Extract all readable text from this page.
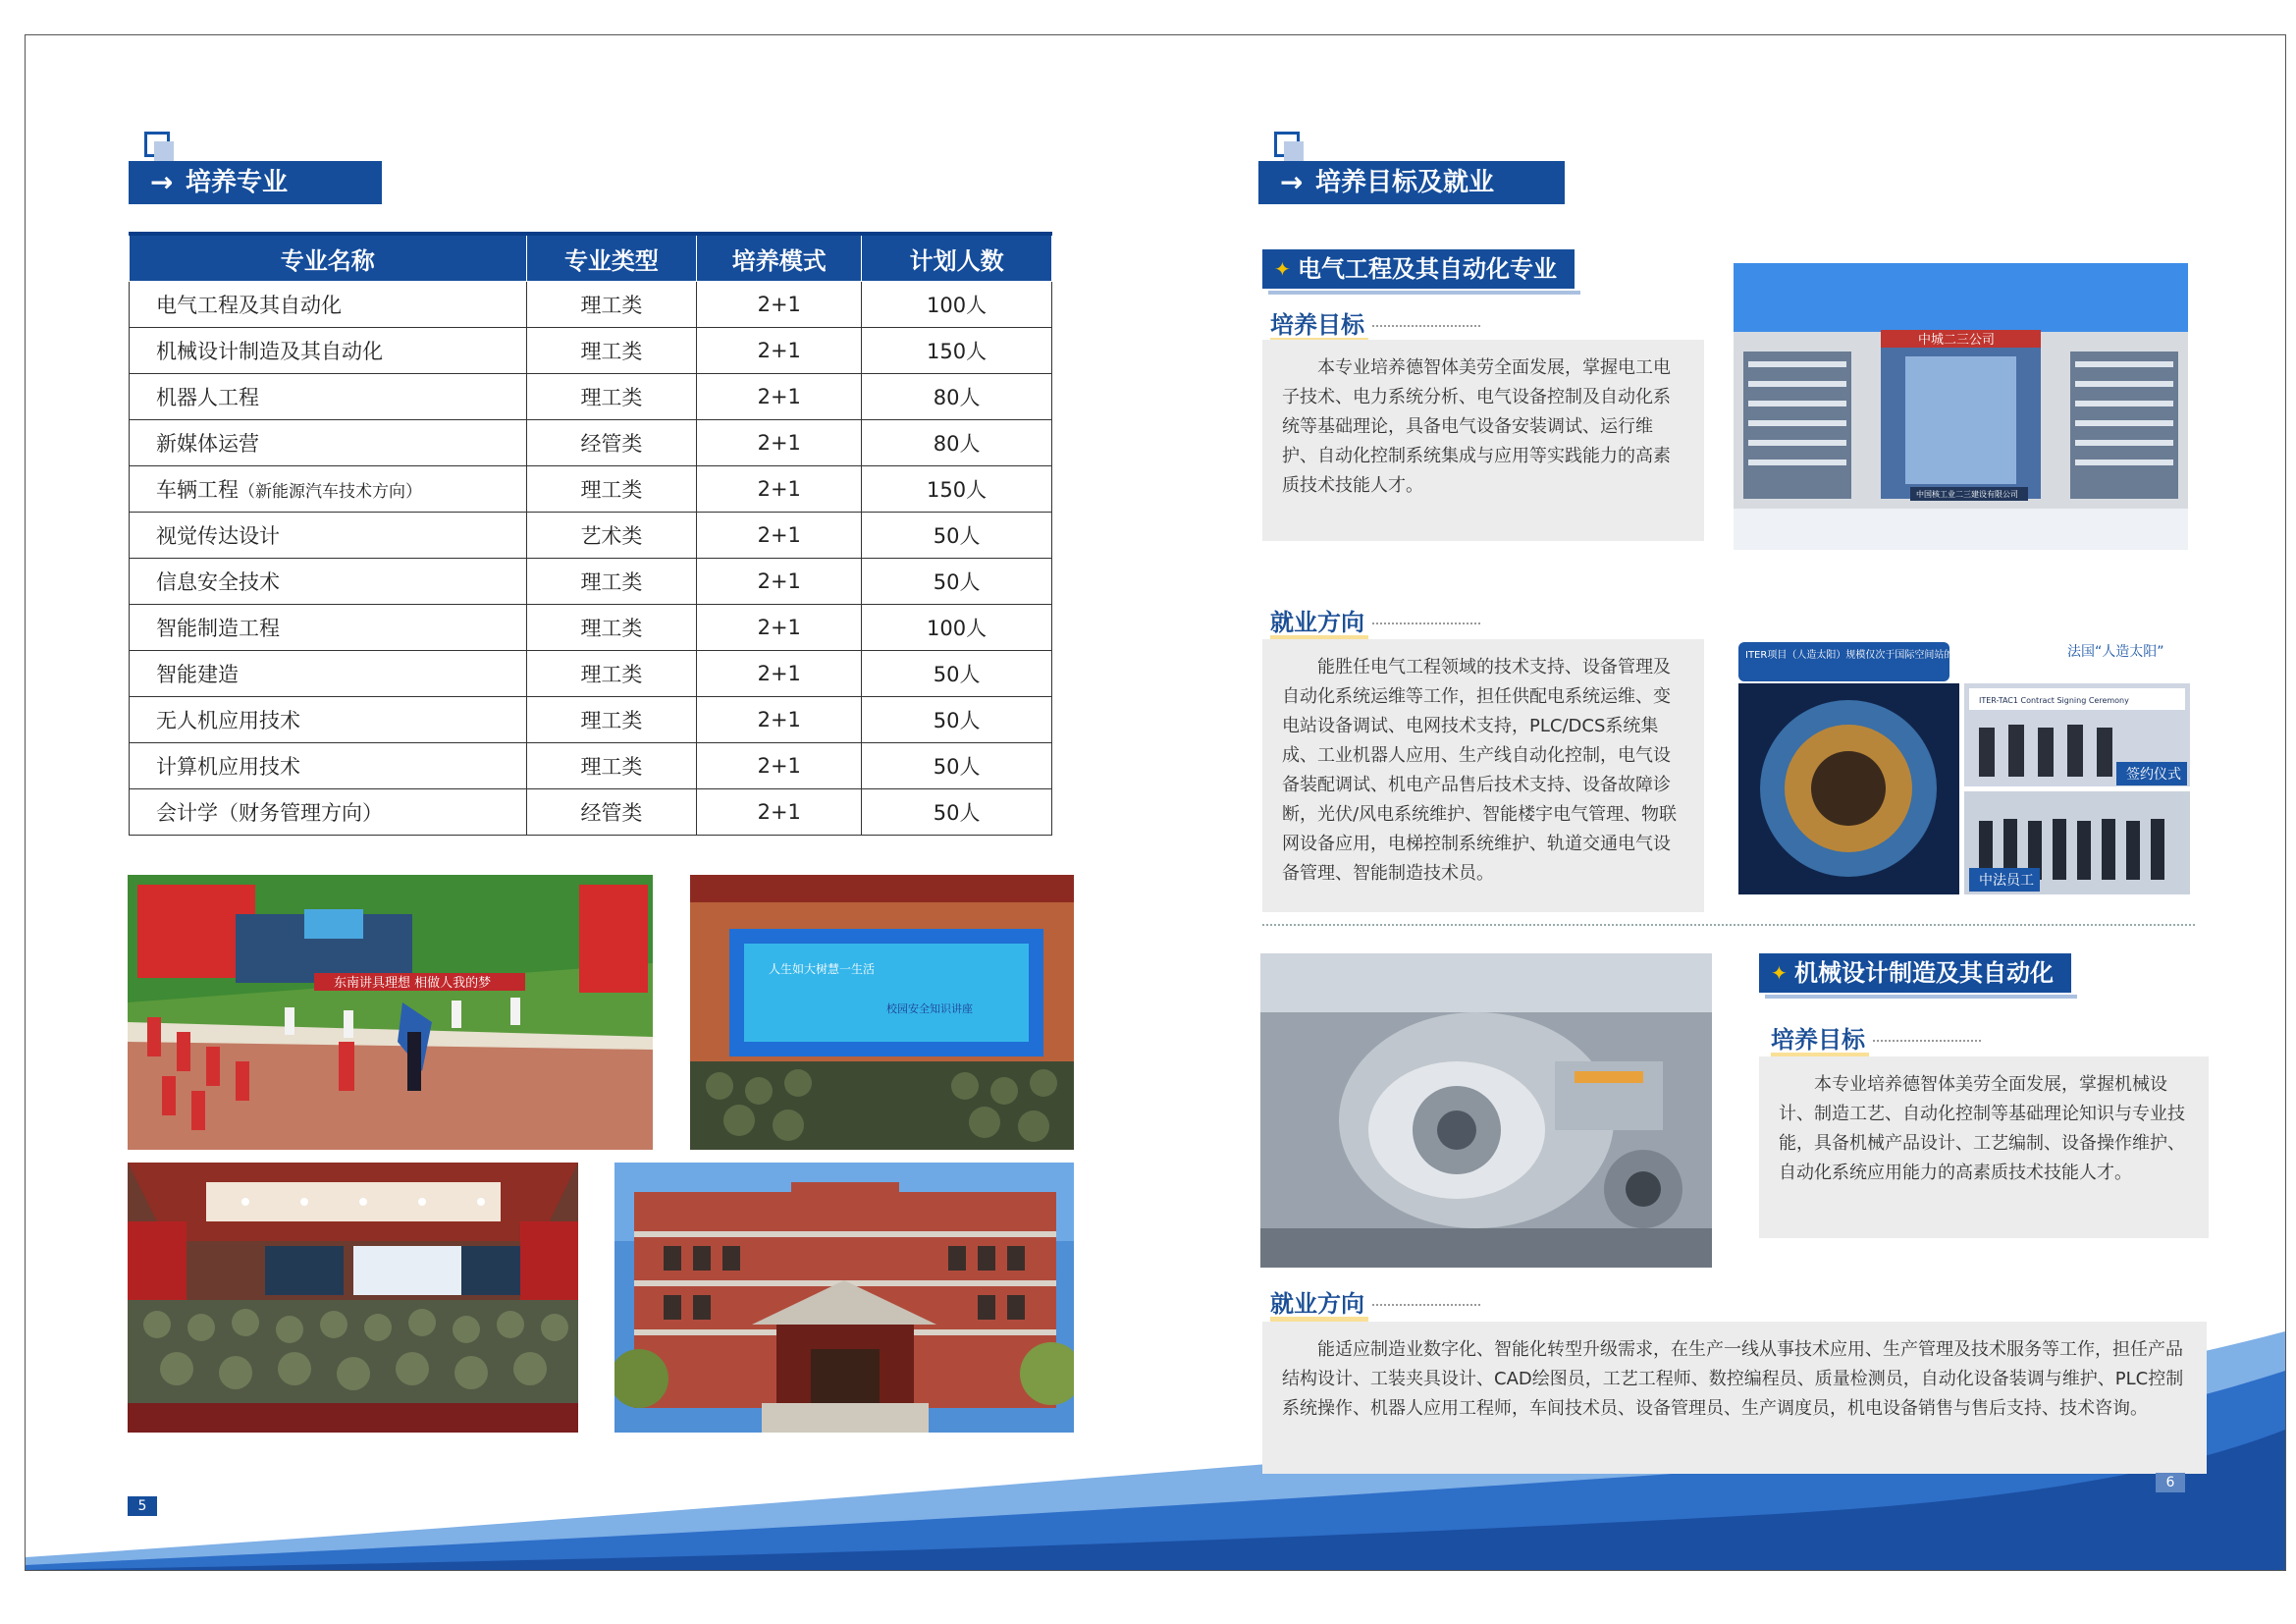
→ 培养专业
专业名称	专业类型	培养模式	计划人数
电气工程及其自动化	理工类	2+1	100人
机械设计制造及其自动化	理工类	2+1	150人
机器人工程	理工类	2+1	80人
新媒体运营	经管类	2+1	80人
车辆工程（新能源汽车技术方向）	理工类	2+1	150人
视觉传达设计	艺术类	2+1	50人
信息安全技术	理工类	2+1	50人
智能制造工程	理工类	2+1	100人
智能建造	理工类	2+1	50人
无人机应用技术	理工类	2+1	50人
计算机应用技术	理工类	2+1	50人
会计学（财务管理方向）	经管类	2+1	50人
东南讲具理想 相做人我的梦
人生如大树慧一生活
校园安全知识讲座
5
→ 培养目标及就业
✦ 电气工程及其自动化专业
培养目标
本专业培养德智体美劳全面发展，掌握电工电子技术、电力系统分析、电气设备控制及自动化系统等基础理论，具备电气设备安装调试、运行维护、自动化控制系统集成与应用等实践能力的高素质技术技能人才。
中城二三公司
中国核工业二三建设有限公司
就业方向
能胜任电气工程领域的技术支持、设备管理及自动化系统运维等工作，担任供配电系统运维、变电站设备调试、电网技术支持，PLC/DCS系统集成、工业机器人应用、生产线自动化控制，电气设备装配调试、机电产品售后技术支持、设备故障诊断，光伏/风电系统维护、智能楼宇电气管理、物联网设备应用，电梯控制系统维护、轨道交通电气设备管理、智能制造技术员。
ITER项目（人造太阳）规模仅次于国际空间站的国际大科学工程计划 法国“人造太阳”
ITER-TAC1 Contract Signing Ceremony
签约仪式
中法员工
✦ 机械设计制造及其自动化
培养目标
本专业培养德智体美劳全面发展，掌握机械设计、制造工艺、自动化控制等基础理论知识与专业技能，具备机械产品设计、工艺编制、设备操作维护、自动化系统应用能力的高素质技术技能人才。
就业方向
能适应制造业数字化、智能化转型升级需求，在生产一线从事技术应用、生产管理及技术服务等工作，担任产品结构设计、工装夹具设计、CAD绘图员，工艺工程师、数控编程员、质量检测员，自动化设备装调与维护、PLC控制系统操作、机器人应用工程师，车间技术员、设备管理员、生产调度员，机电设备销售与售后支持、技术咨询。
6
